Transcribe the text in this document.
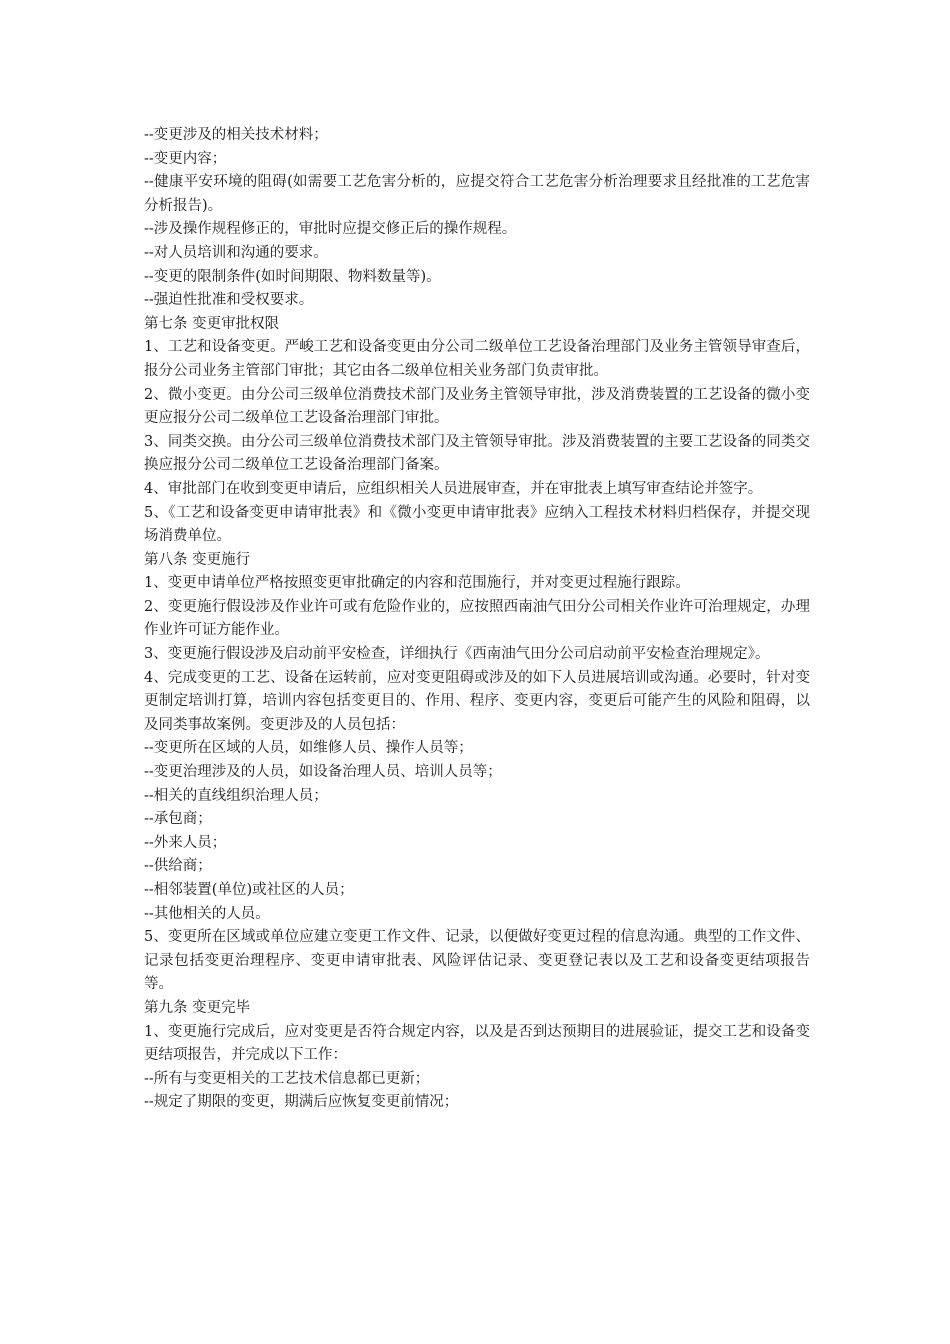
--变更涉及的相关技术材料；

--变更内容；

--健康平安环境的阻碍(如需要工艺危害分析的，应提交符合工艺危害分析治理要求且经批准的工艺危害分析报告)。

--涉及操作规程修正的，审批时应提交修正后的操作规程。

--对人员培训和沟通的要求。

--变更的限制条件(如时间期限、物料数量等)。

--强迫性批准和受权要求。

第七条 变更审批权限

1、工艺和设备变更。严峻工艺和设备变更由分公司二级单位工艺设备治理部门及业务主管领导审查后，报分公司业务主管部门审批；其它由各二级单位相关业务部门负责审批。

2、微小变更。由分公司三级单位消费技术部门及业务主管领导审批，涉及消费装置的工艺设备的微小变更应报分公司二级单位工艺设备治理部门审批。

3、同类交换。由分公司三级单位消费技术部门及主管领导审批。涉及消费装置的主要工艺设备的同类交换应报分公司二级单位工艺设备治理部门备案。

4、审批部门在收到变更申请后，应组织相关人员进展审查，并在审批表上填写审查结论并签字。

5、《工艺和设备变更申请审批表》和《微小变更申请审批表》应纳入工程技术材料归档保存，并提交现场消费单位。

第八条 变更施行

1、变更申请单位严格按照变更审批确定的内容和范围施行，并对变更过程施行跟踪。

2、变更施行假设涉及作业许可或有危险作业的，应按照西南油气田分公司相关作业许可治理规定，办理作业许可证方能作业。

3、变更施行假设涉及启动前平安检查，详细执行《西南油气田分公司启动前平安检查治理规定》。

4、完成变更的工艺、设备在运转前，应对变更阻碍或涉及的如下人员进展培训或沟通。必要时，针对变更制定培训打算，培训内容包括变更目的、作用、程序、变更内容，变更后可能产生的风险和阻碍，以及同类事故案例。变更涉及的人员包括：

--变更所在区域的人员，如维修人员、操作人员等；

--变更治理涉及的人员，如设备治理人员、培训人员等；

--相关的直线组织治理人员；

--承包商；

--外来人员；

--供给商；

--相邻装置(单位)或社区的人员；

--其他相关的人员。

5、变更所在区域或单位应建立变更工作文件、记录，以便做好变更过程的信息沟通。典型的工作文件、记录包括变更治理程序、变更申请审批表、风险评估记录、变更登记表以及工艺和设备变更结项报告等。

第九条 变更完毕

1、变更施行完成后，应对变更是否符合规定内容，以及是否到达预期目的进展验证，提交工艺和设备变更结项报告，并完成以下工作：

--所有与变更相关的工艺技术信息都已更新；

--规定了期限的变更，期满后应恢复变更前情况；
